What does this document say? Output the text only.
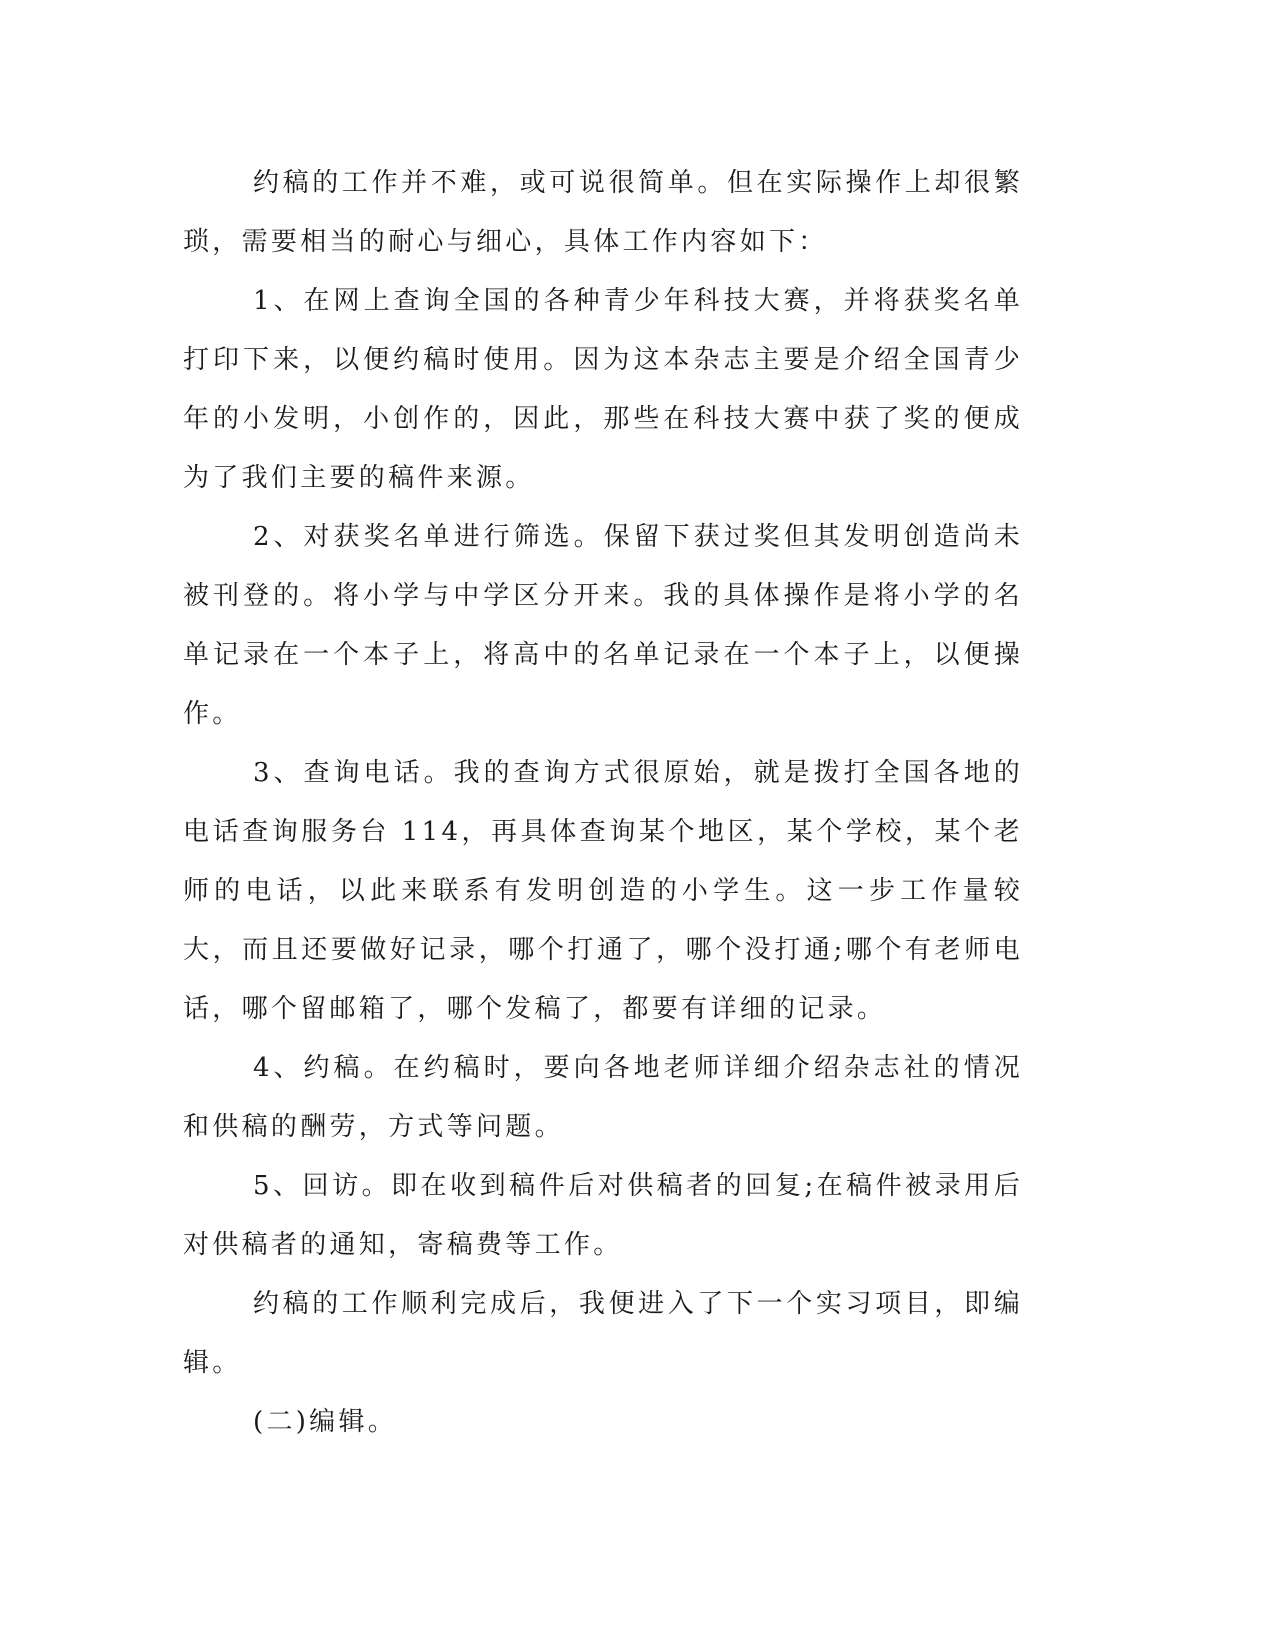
约稿的工作并不难，或可说很简单。但在实际操作上却很繁琐，需要相当的耐心与细心，具体工作内容如下：

1、在网上查询全国的各种青少年科技大赛，并将获奖名单打印下来，以便约稿时使用。因为这本杂志主要是介绍全国青少年的小发明，小创作的，因此，那些在科技大赛中获了奖的便成为了我们主要的稿件来源。

2、对获奖名单进行筛选。保留下获过奖但其发明创造尚未被刊登的。将小学与中学区分开来。我的具体操作是将小学的名单记录在一个本子上，将高中的名单记录在一个本子上，以便操作。

3、查询电话。我的查询方式很原始，就是拨打全国各地的电话查询服务台 114，再具体查询某个地区，某个学校，某个老师的电话，以此来联系有发明创造的小学生。这一步工作量较大，而且还要做好记录，哪个打通了，哪个没打通;哪个有老师电话，哪个留邮箱了，哪个发稿了，都要有详细的记录。

4、约稿。在约稿时，要向各地老师详细介绍杂志社的情况和供稿的酬劳，方式等问题。

5、回访。即在收到稿件后对供稿者的回复;在稿件被录用后对供稿者的通知，寄稿费等工作。

约稿的工作顺利完成后，我便进入了下一个实习项目，即编辑。

(二)编辑。
